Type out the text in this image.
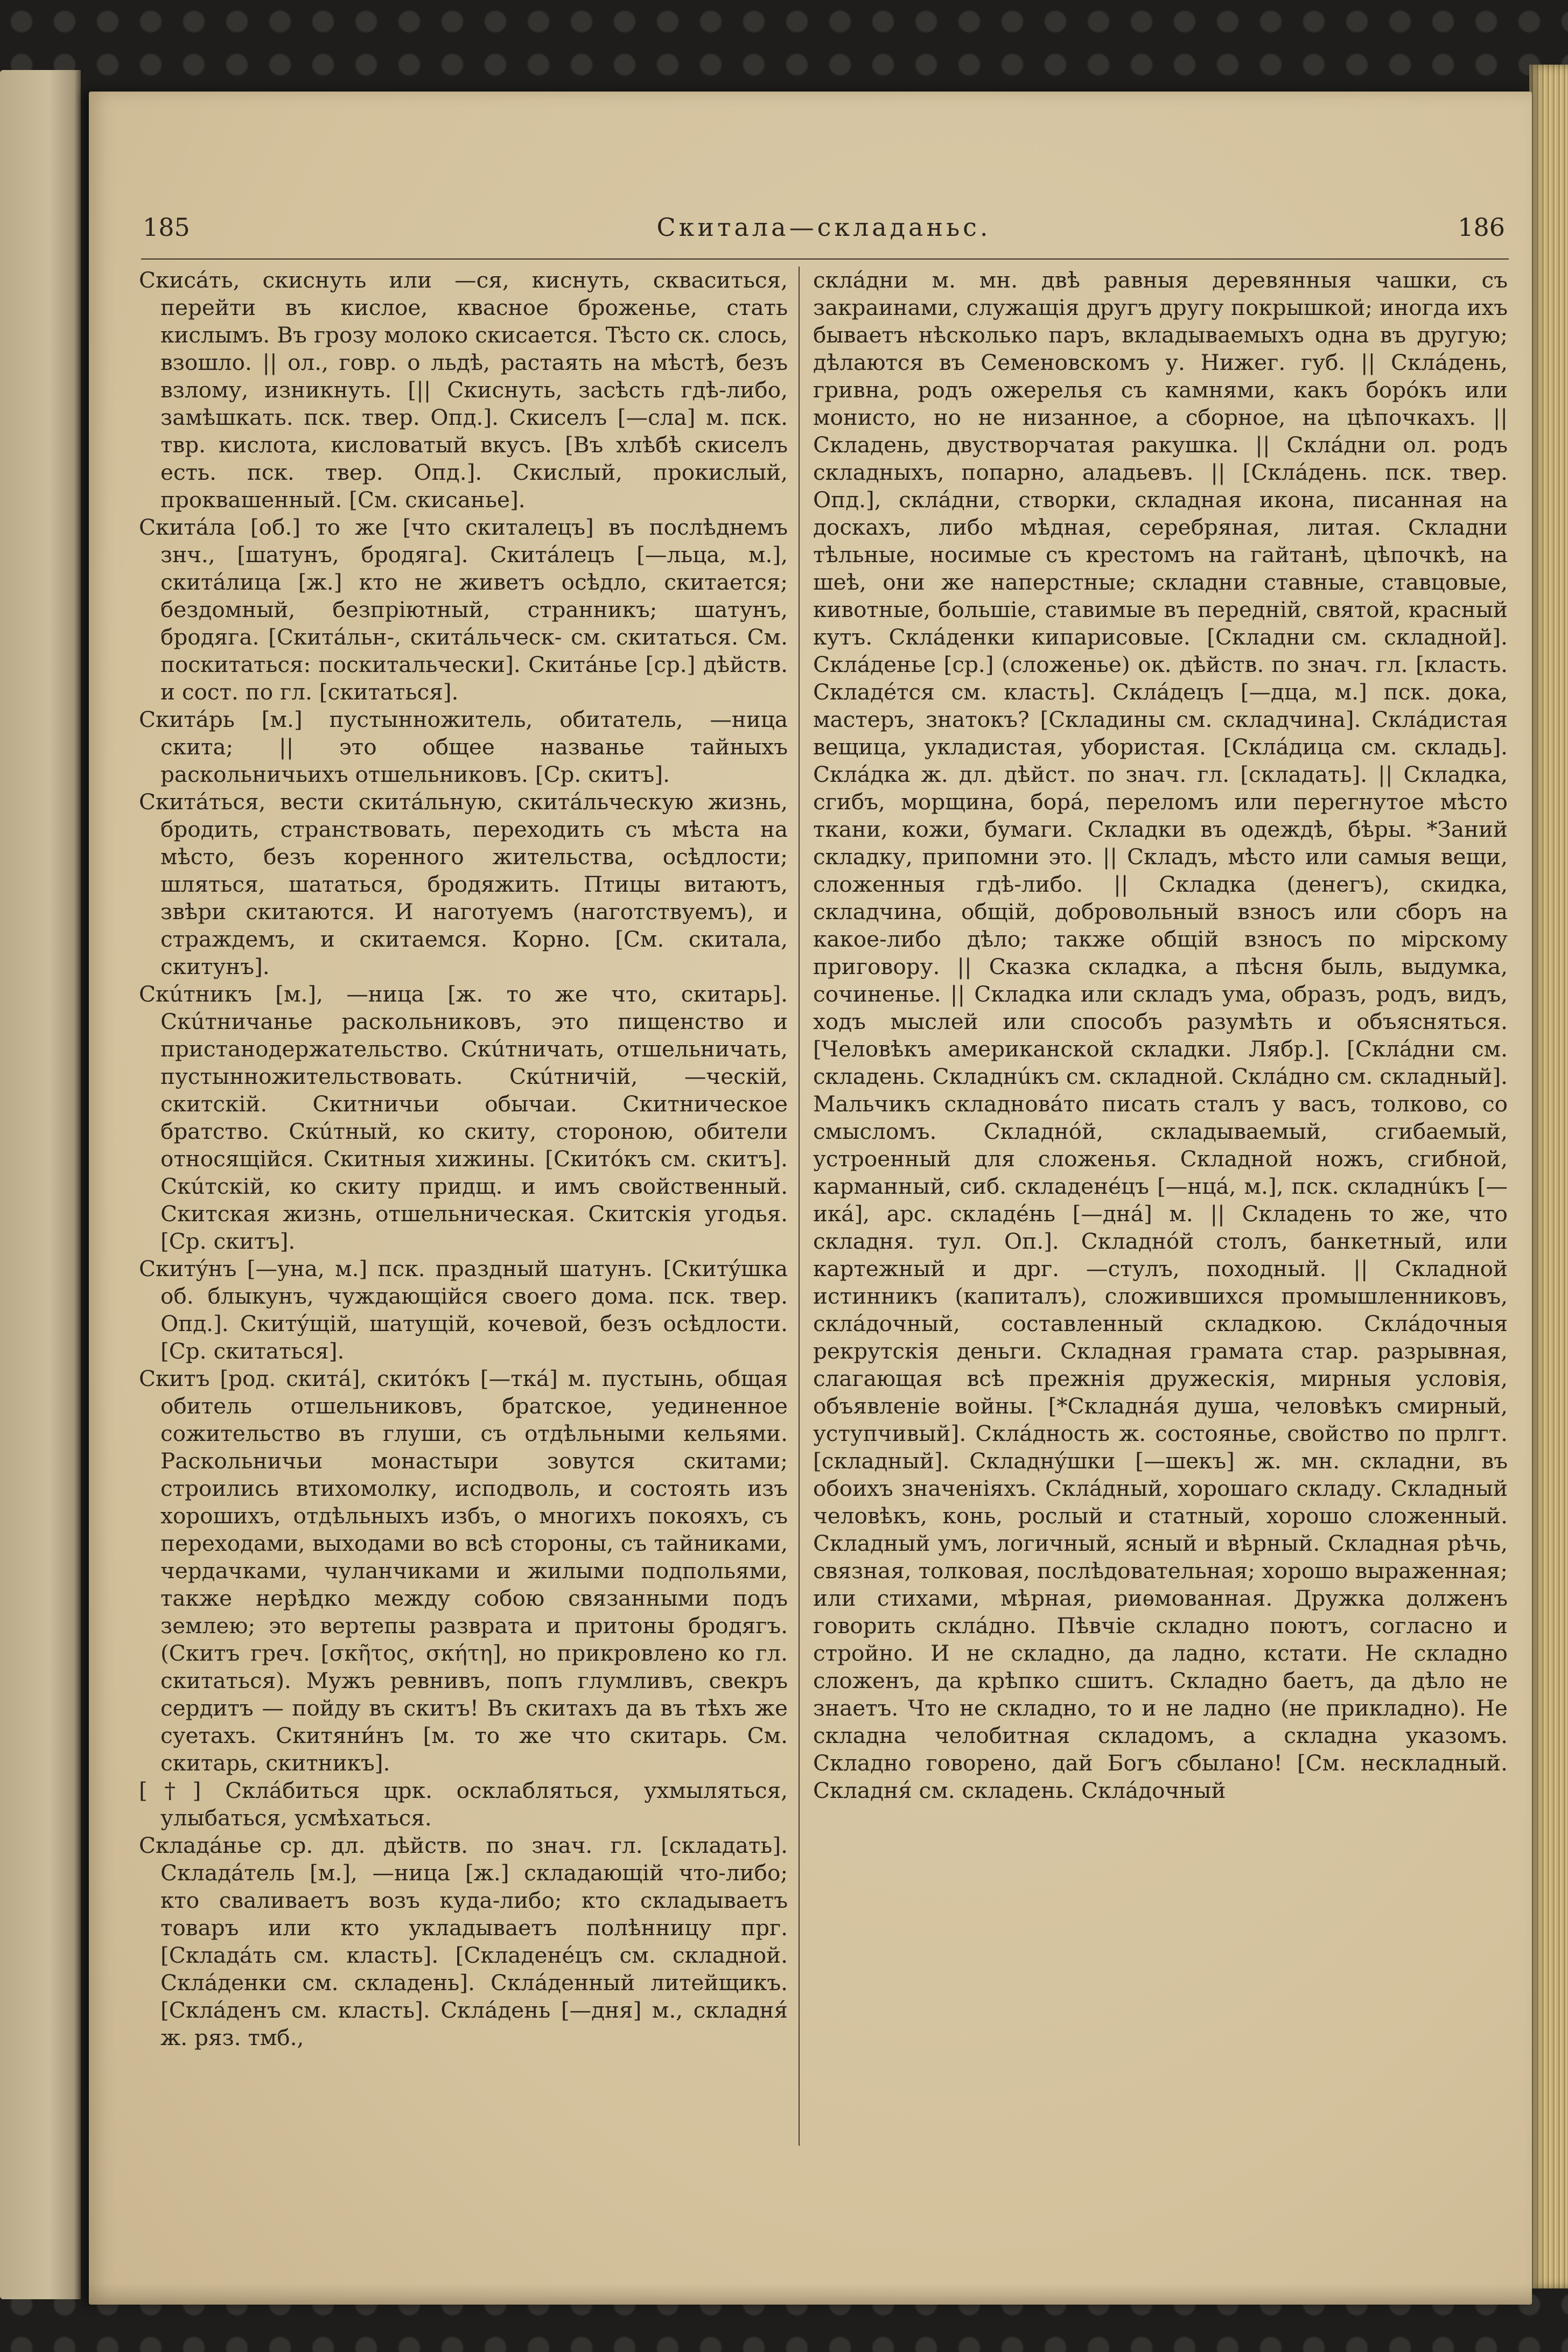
185	Скитала—складаньс.	186

Скисáть, скиснуть или —ся, киснуть, скваситься, перейти въ кислое, квасное броженье, стать кислымъ. Въ грозу молоко скисается. Тѣсто ск. слось, взошло. || ол., говр. о льдѣ, растаять на мѣстѣ, безъ взлому, изникнуть. [|| Скиснуть, засѣсть гдѣ-либо, замѣшкать. пск. твер. Опд.]. Скиселъ [—сла] м. пск. твр. кислота, кисловатый вкусъ. [Въ хлѣбѣ скиселъ есть. пск. твер. Опд.]. Скислый, прокислый, проквашенный. [См. скисанье].

Скитáла [об.] то же [что скиталецъ] въ послѣднемъ знч., [шатунъ, бродяга]. Скитáлецъ [—льца, м.], скитáлица [ж.] кто не живетъ осѣдло, скитается; бездомный, безпріютный, странникъ; шатунъ, бродяга. [Скитáльн-, скитáльческ- см. скитаться. См. поскитаться: поскитальчески]. Скитáнье [ср.] дѣйств. и сост. по гл. [скитаться].

Скитáрь [м.] пустынножитель, обитатель, —ница скита; || это общее названье тайныхъ раскольничьихъ отшельниковъ. [Ср. скитъ].

Скитáться, вести скитáльную, скитáльческую жизнь, бродить, странствовать, переходить съ мѣста на мѣсто, безъ коренного жительства, осѣдлости; шляться, шататься, бродяжить. Птицы витаютъ, звѣри скитаются. И наготуемъ (наготствуемъ), и страждемъ, и скитаемся. Корно. [См. скитала, скитунъ].

Скúтникъ [м.], —ница [ж. то же что, скитарь]. Скúтничанье раскольниковъ, это пищенство и пристанодержательство. Скúтничать, отшельничать, пустынножительствовать. Скúтничій, —ческій, скитскій. Скитничьи обычаи. Скитническое братство. Скúтный, ко скиту, стороною, обители относящійся. Скитныя хижины. [Скитóкъ см. скитъ]. Скúтскій, ко скиту придщ. и имъ свойственный. Скитская жизнь, отшельническая. Скитскія угодья. [Ср. скитъ].

Скитýнъ [—уна, м.] пск. праздный шатунъ. [Скитýшка об. блыкунъ, чуждающійся своего дома. пск. твер. Опд.]. Скитýщій, шатущій, кочевой, безъ осѣдлости. [Ср. скитаться].

Скитъ [род. скитá], скитóкъ [—ткá] м. пустынь, общая обитель отшельниковъ, братское, уединенное сожительство въ глуши, съ отдѣльными кельями. Раскольничьи монастыри зовутся скитами; строились втихомолку, исподволь, и состоять изъ хорошихъ, отдѣльныхъ избъ, о многихъ покояхъ, съ переходами, выходами во всѣ стороны, съ тайниками, чердачками, чуланчиками и жилыми подпольями, также нерѣдко между собою связанными подъ землею; это вертепы разврата и притоны бродягъ. (Скитъ греч. [σκῆτος, σκήτη], но прикровлено ко гл. скитаться). Мужъ ревнивъ, попъ глумливъ, свекръ сердитъ — пойду въ скитъ! Въ скитахъ да въ тѣхъ же суетахъ. Скитяни́нъ [м. то же что скитарь. См. скитарь, скитникъ].

[†] Склáбиться црк. осклабляться, ухмыляться, улыбаться, усмѣхаться.

Складáнье ср. дл. дѣйств. по знач. гл. [складать]. Складáтель [м.], —ница [ж.] складающій что-либо; кто сваливаетъ возъ куда-либо; кто складываетъ товаръ или кто укладываетъ полѣнницу прг. [Складáть см. класть]. [Складенéцъ см. складной. Склáденки см. складень]. Склáденный литейщикъ. [Склáденъ см. класть]. Склáдень [—дня] м., складня́ ж. ряз. тмб.,

склáдни м. мн. двѣ равныя деревянныя чашки, съ закраинами, служащія другъ другу покрышкой; иногда ихъ бываетъ нѣсколько паръ, вкладываемыхъ одна въ другую; дѣлаются въ Семеновскомъ у. Нижег. губ. || Склáдень, гривна, родъ ожерелья съ камнями, какъ борóкъ или монисто, но не низанное, а сборное, на цѣпочкахъ. || Складень, двустворчатая ракушка. || Склáдни ол. родъ складныхъ, попарно, аладьевъ. || [Склáдень. пск. твер. Опд.], склáдни, створки, складная икона, писанная на доскахъ, либо мѣдная, серебряная, литая. Складни тѣльные, носимые съ крестомъ на гайтанѣ, цѣпочкѣ, на шеѣ, они же наперстные; складни ставные, ставцовые, кивотные, большіе, ставимые въ передній, святой, красный кутъ. Склáденки кипарисовые. [Складни см. складной]. Склáденье [ср.] (сложенье) ок. дѣйств. по знач. гл. [класть. Складéтся см. класть]. Склáдецъ [—дца, м.] пск. дока, мастеръ, знатокъ? [Складины см. складчина]. Склáдистая вещица, укладистая, убористая. [Склáдица см. складь]. Склáдка ж. дл. дѣйст. по знач. гл. [складать]. || Складка, сгибъ, морщина, борá, переломъ или перегнутое мѣсто ткани, кожи, бумаги. Складки въ одеждѣ, бѣры. *Заний складку, припомни это. || Складъ, мѣсто или самыя вещи, сложенныя гдѣ-либо. || Складка (денегъ), скидка, складчина, общій, добровольный взносъ или сборъ на какое-либо дѣло; также общій взносъ по мірскому приговору. || Сказка складка, а пѣсня быль, выдумка, сочиненье. || Складка или складъ ума, образъ, родъ, видъ, ходъ мыслей или способъ разумѣть и объясняться. [Человѣкъ американской складки. Лябр.]. [Склáдни см. складень. Складнúкъ см. складной. Склáдно см. складный]. Мальчикъ складновáто писать сталъ у васъ, толково, со смысломъ. Складнóй, складываемый, сгибаемый, устроенный для сложенья. Складной ножъ, сгибной, карманный, сиб. складенéцъ [—нцá, м.], пск. складнúкъ [—икá], арс. складéнь [—днá] м. || Складень то же, что складня. тул. Оп.]. Складнóй столъ, банкетный, или картежный и дрг. —стулъ, походный. || Складной истинникъ (капиталъ), сложившихся промышленниковъ, склáдочный, составленный складкою. Склáдочныя рекрутскія деньги. Складная грамата стар. разрывная, слагающая всѣ прежнія дружескія, мирныя условія, объявленіе войны. [*Складнáя душа, человѣкъ смирный, уступчивый]. Склáдность ж. состоянье, свойство по прлгт. [складный]. Складнýшки [—шекъ] ж. мн. складни, въ обоихъ значеніяхъ. Склáдный, хорошаго складу. Складный человѣкъ, конь, рослый и статный, хорошо сложенный. Складный умъ, логичный, ясный и вѣрный. Складная рѣчь, связная, толковая, послѣдовательная; хорошо выраженная; или стихами, мѣрная, риѳмованная. Дружка долженъ говорить склáдно. Пѣвчіе складно поютъ, согласно и стройно. И не складно, да ладно, кстати. Не складно сложенъ, да крѣпко сшитъ. Складно баетъ, да дѣло не знаетъ. Что не складно, то и не ладно (не прикладно). Не складна челобитная складомъ, а складна указомъ. Складно говорено, дай Богъ сбылано! [См. нескладный. Складня́ см. складень. Склáдочный
